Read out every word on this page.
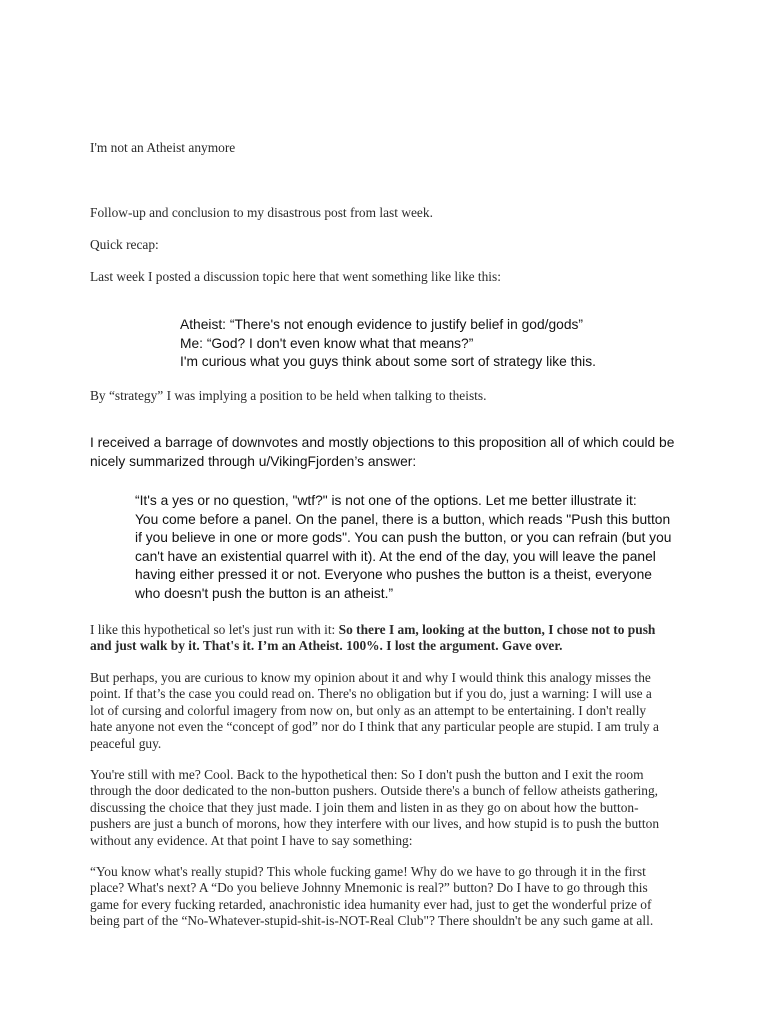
I'm not an Atheist anymore

Follow-up and conclusion to my disastrous post from last week.

Quick recap:

Last week I posted a discussion topic here that went something like like this:

Atheist: “There's not enough evidence to justify belief in god/gods”
Me: “God? I don't even know what that means?”
I'm curious what you guys think about some sort of strategy like this.

By “strategy” I was implying a position to be held when talking to theists.

I received a barrage of downvotes and mostly objections to this proposition all of which could be
nicely summarized through u/VikingFjorden’s answer:
“It's a yes or no question, "wtf?" is not one of the options. Let me better illustrate it:
You come before a panel. On the panel, there is a button, which reads "Push this button
if you believe in one or more gods". You can push the button, or you can refrain (but you
can't have an existential quarrel with it). At the end of the day, you will leave the panel
having either pressed it or not. Everyone who pushes the button is a theist, everyone
who doesn't push the button is an atheist.”
I like this hypothetical so let's just run with it: So there I am, looking at the button, I chose not to push
and just walk by it. That's it. I’m an Atheist. 100%. I lost the argument. Gave over.
But perhaps, you are curious to know my opinion about it and why I would think this analogy misses the
point. If that’s the case you could read on. There's no obligation but if you do, just a warning: I will use a
lot of cursing and colorful imagery from now on, but only as an attempt to be entertaining. I don't really
hate anyone not even the “concept of god” nor do I think that any particular people are stupid. I am truly a
peaceful guy.
You're still with me? Cool. Back to the hypothetical then: So I don't push the button and I exit the room
through the door dedicated to the non-button pushers. Outside there's a bunch of fellow atheists gathering,
discussing the choice that they just made. I join them and listen in as they go on about how the button-
pushers are just a bunch of morons, how they interfere with our lives, and how stupid is to push the button
without any evidence. At that point I have to say something:
“You know what's really stupid? This whole fucking game! Why do we have to go through it in the first
place? What's next? A “Do you believe Johnny Mnemonic is real?” button? Do I have to go through this
game for every fucking retarded, anachronistic idea humanity ever had, just to get the wonderful prize of
being part of the “No-Whatever-stupid-shit-is-NOT-Real Club"? There shouldn't be any such game at all.
